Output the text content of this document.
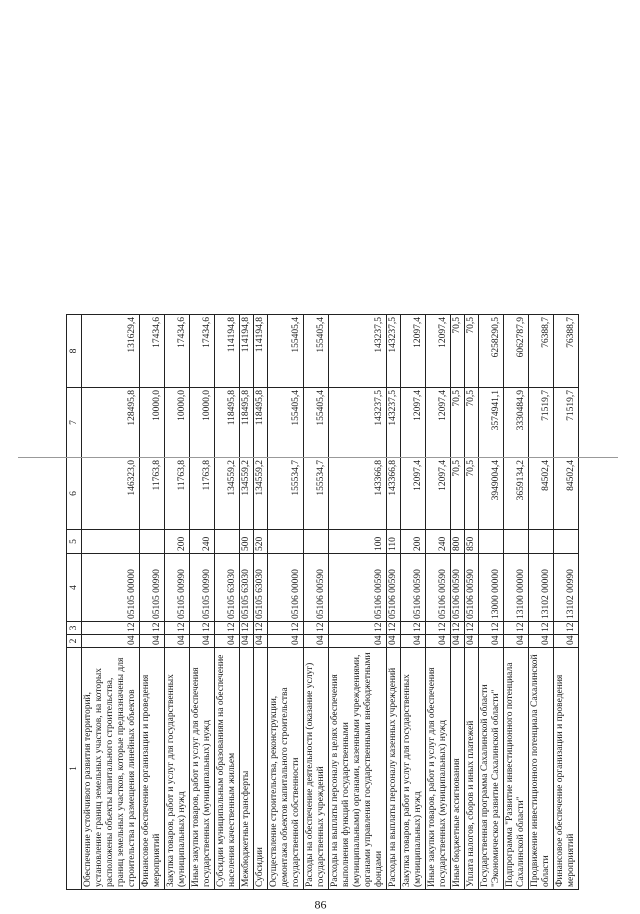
86
1	2	3	4	5	6	7	8
Обеспечение устойчивого развития территорий, установление границ земельных участков, на которых расположены объекты капитального строительства, границ земельных участков, которые предназначены для строительства и размещения линейных объектов	04	12	05105 00000		146323,0	128495,8	131629,4
Финансовое обеспечение организации и проведения мероприятий	04	12	05105 00990		11763,8	10000,0	17434,6
Закупка товаров, работ и услуг для государственных (муниципальных) нужд	04	12	05105 00990	200	11763,8	10000,0	17434,6
Иные закупки товаров, работ и услуг для обеспечения государственных (муниципальных) нужд	04	12	05105 00990	240	11763,8	10000,0	17434,6
Субсидии муниципальным образованиям на обеспечение населения качественным жильем	04	12	05105 63030		134559,2	118495,8	114194,8
Межбюджетные трансферты	04	12	05105 63030	500	134559,2	118495,8	114194,8
Субсидии	04	12	05105 63030	520	134559,2	118495,8	114194,8
Осуществление строительства, реконструкции, демонтажа объектов капитального строительства государственной собственности	04	12	05106 00000		155534,7	155405,4	155405,4
Расходы на обеспечение деятельности (оказание услуг) государственных учреждений	04	12	05106 00590		155534,7	155405,4	155405,4
Расходы на выплаты персоналу в целях обеспечения выполнения функций государственными (муниципальными) органами, казенными учреждениями, органами управления государственными внебюджетными фондами	04	12	05106 00590	100	143366,8	143237,5	143237,5
Расходы на выплаты персоналу казенных учреждений	04	12	05106 00590	110	143366,8	143237,5	143237,5
Закупка товаров, работ и услуг для государственных (муниципальных) нужд	04	12	05106 00590	200	12097,4	12097,4	12097,4
Иные закупки товаров, работ и услуг для обеспечения государственных (муниципальных) нужд	04	12	05106 00590	240	12097,4	12097,4	12097,4
Иные бюджетные ассигнования	04	12	05106 00590	800	70,5	70,5	70,5
Уплата налогов, сборов и иных платежей	04	12	05106 00590	850	70,5	70,5	70,5
Государственная программа Сахалинской области "Экономическое развитие Сахалинской области"	04	12	13000 00000		3949004,4	3574941,1	6258290,5
Подпрограмма "Развитие инвестиционного потенциала Сахалинской области"	04	12	13100 00000		3659134,2	3330484,9	6062787,9
Продвижение инвестиционного потенциала Сахалинской области	04	12	13102 00000		84502,4	71519,7	76388,7
Финансовое обеспечение организации и проведения мероприятий	04	12	13102 00990		84502,4	71519,7	76388,7
